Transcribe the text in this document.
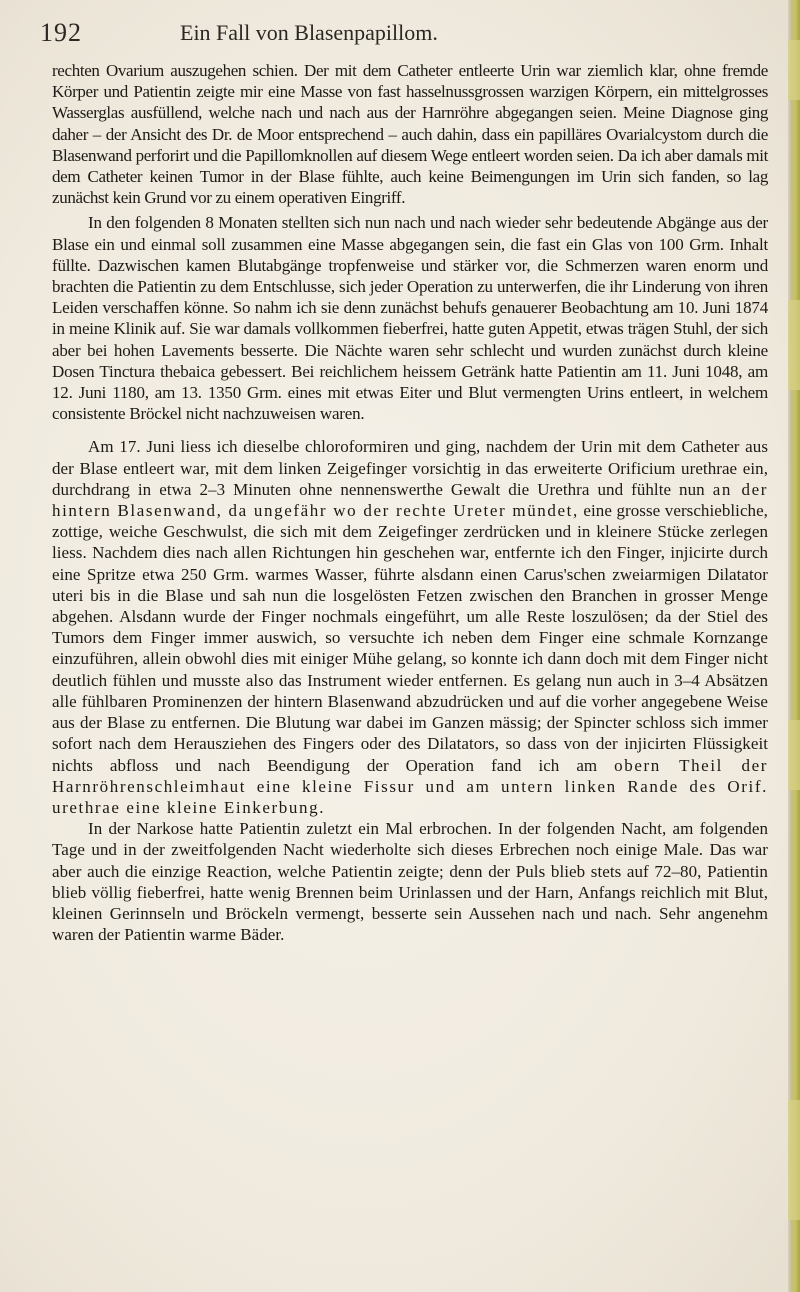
192	Ein Fall von Blasenpapillom.

rechten Ovarium auszugehen schien. Der mit dem Catheter entleerte Urin war ziemlich klar, ohne fremde Körper und Patientin zeigte mir eine Masse von fast hasselnussgrossen warzigen Körpern, ein mittelgrosses Wasserglas ausfüllend, welche nach und nach aus der Harnröhre abgegangen seien. Meine Diagnose ging daher – der Ansicht des Dr. de Moor entsprechend – auch dahin, dass ein papilläres Ovarialcystom durch die Blasenwand perforirt und die Papillomknollen auf diesem Wege entleert worden seien. Da ich aber damals mit dem Catheter keinen Tumor in der Blase fühlte, auch keine Beimengungen im Urin sich fanden, so lag zunächst kein Grund vor zu einem operativen Eingriff.

In den folgenden 8 Monaten stellten sich nun nach und nach wieder sehr bedeutende Abgänge aus der Blase ein und einmal soll zusammen eine Masse abgegangen sein, die fast ein Glas von 100 Grm. Inhalt füllte. Dazwischen kamen Blutabgänge tropfenweise und stärker vor, die Schmerzen waren enorm und brachten die Patientin zu dem Entschlusse, sich jeder Operation zu unterwerfen, die ihr Linderung von ihren Leiden verschaffen könne. So nahm ich sie denn zunächst behufs genauerer Beobachtung am 10. Juni 1874 in meine Klinik auf. Sie war damals vollkommen fieberfrei, hatte guten Appetit, etwas trägen Stuhl, der sich aber bei hohen Lavements besserte. Die Nächte waren sehr schlecht und wurden zunächst durch kleine Dosen Tinctura thebaica gebessert. Bei reichlichem heissem Getränk hatte Patientin am 11. Juni 1048, am 12. Juni 1180, am 13. 1350 Grm. eines mit etwas Eiter und Blut vermengten Urins entleert, in welchem consistente Bröckel nicht nachzuweisen waren.

Am 17. Juni liess ich dieselbe chloroformiren und ging, nachdem der Urin mit dem Catheter aus der Blase entleert war, mit dem linken Zeigefinger vorsichtig in das erweiterte Orificium urethrae ein, durchdrang in etwa 2–3 Minuten ohne nennenswerthe Gewalt die Urethra und fühlte nun an der hintern Blasenwand, da ungefähr wo der rechte Ureter mündet, eine grosse verschiebliche, zottige, weiche Geschwulst, die sich mit dem Zeigefinger zerdrücken und in kleinere Stücke zerlegen liess. Nachdem dies nach allen Richtungen hin geschehen war, entfernte ich den Finger, injicirte durch eine Spritze etwa 250 Grm. warmes Wasser, führte alsdann einen Carus'schen zweiarmigen Dilatator uteri bis in die Blase und sah nun die losgelösten Fetzen zwischen den Branchen in grosser Menge abgehen. Alsdann wurde der Finger nochmals eingeführt, um alle Reste loszulösen; da der Stiel des Tumors dem Finger immer auswich, so versuchte ich neben dem Finger eine schmale Kornzange einzuführen, allein obwohl dies mit einiger Mühe gelang, so konnte ich dann doch mit dem Finger nicht deutlich fühlen und musste also das Instrument wieder entfernen. Es gelang nun auch in 3–4 Absätzen alle fühlbaren Prominenzen der hintern Blasenwand abzudrücken und auf die vorher angegebene Weise aus der Blase zu entfernen. Die Blutung war dabei im Ganzen mässig; der Spincter schloss sich immer sofort nach dem Herausziehen des Fingers oder des Dilatators, so dass von der injicirten Flüssigkeit nichts abfloss und nach Beendigung der Operation fand ich am obern Theil der Harnröhrenschleimhaut eine kleine Fissur und am untern linken Rande des Orif. urethrae eine kleine Einkerbung.

In der Narkose hatte Patientin zuletzt ein Mal erbrochen. In der folgenden Nacht, am folgenden Tage und in der zweitfolgenden Nacht wiederholte sich dieses Erbrechen noch einige Male. Das war aber auch die einzige Reaction, welche Patientin zeigte; denn der Puls blieb stets auf 72–80, Patientin blieb völlig fieberfrei, hatte wenig Brennen beim Urinlassen und der Harn, Anfangs reichlich mit Blut, kleinen Gerinnseln und Bröckeln vermengt, besserte sein Aussehen nach und nach. Sehr angenehm waren der Patientin warme Bäder.
